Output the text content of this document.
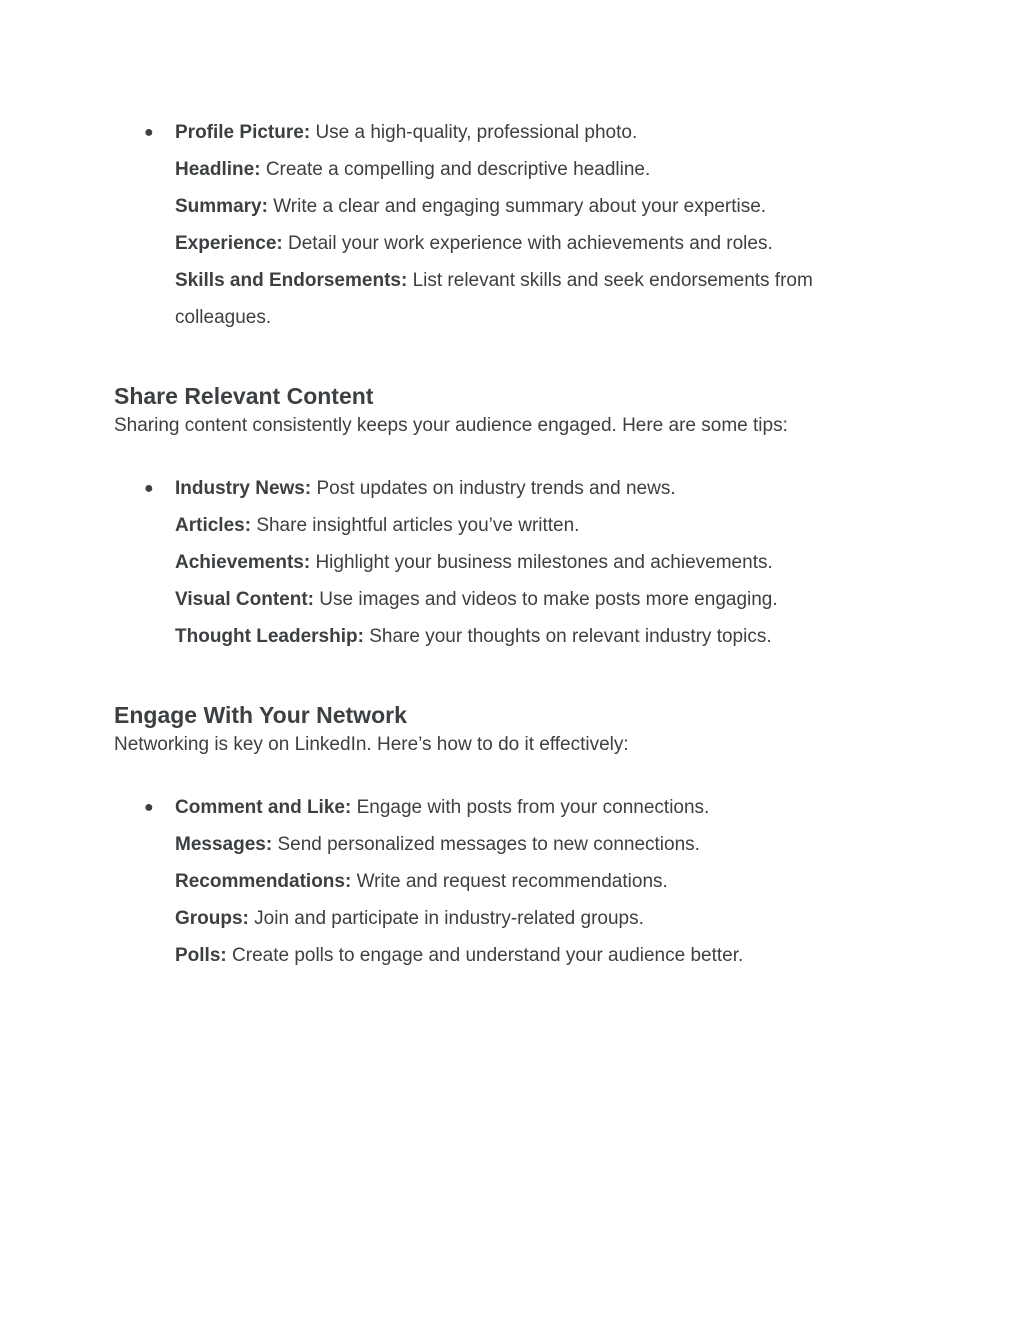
● Profile Picture: Use a high-quality, professional photo.
Headline: Create a compelling and descriptive headline.
Summary: Write a clear and engaging summary about your expertise.
Experience: Detail your work experience with achievements and roles.
Skills and Endorsements: List relevant skills and seek endorsements from
colleagues.
Share Relevant Content
Sharing content consistently keeps your audience engaged. Here are some tips:
● Industry News: Post updates on industry trends and news.
Articles: Share insightful articles you’ve written.
Achievements: Highlight your business milestones and achievements.
Visual Content: Use images and videos to make posts more engaging.
Thought Leadership: Share your thoughts on relevant industry topics.
Engage With Your Network
Networking is key on LinkedIn. Here’s how to do it effectively:
● Comment and Like: Engage with posts from your connections.
Messages: Send personalized messages to new connections.
Recommendations: Write and request recommendations.
Groups: Join and participate in industry-related groups.
Polls: Create polls to engage and understand your audience better.
